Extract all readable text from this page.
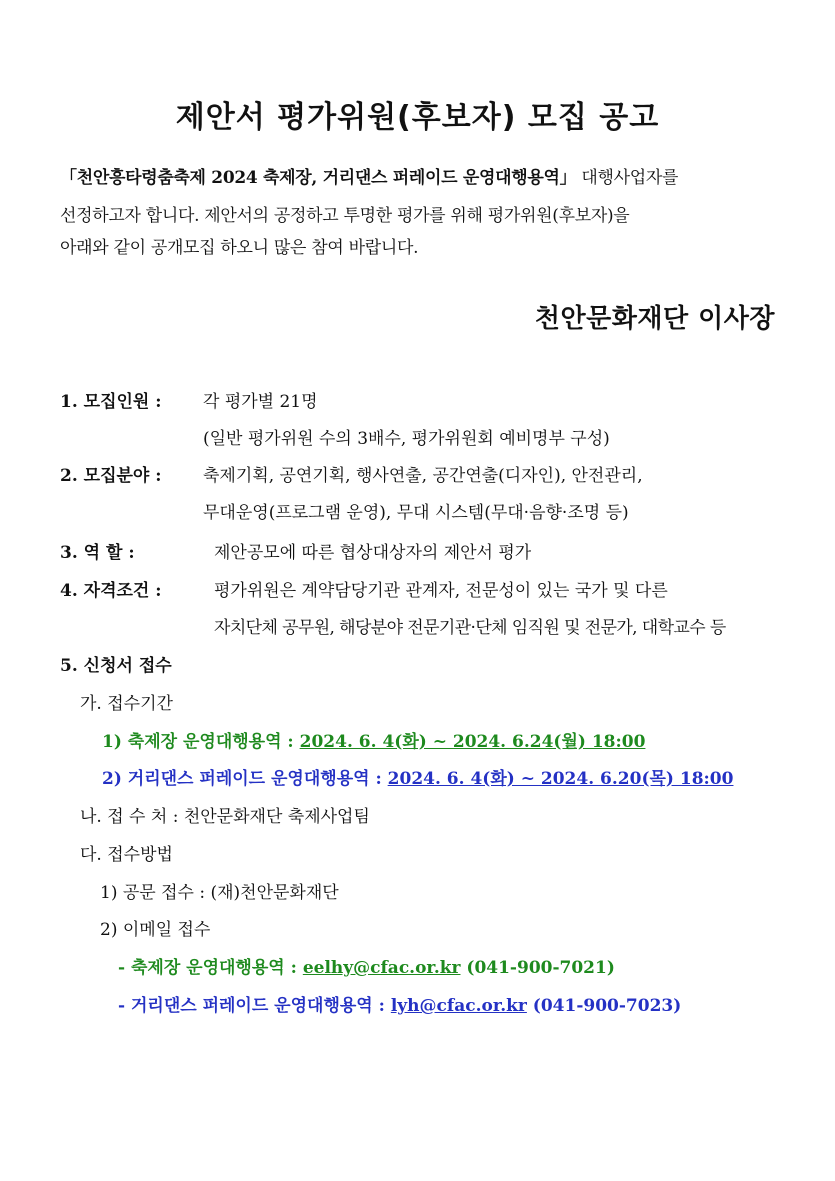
제안서 평가위원(후보자) 모집 공고
「천안흥타령춤축제 2024 축제장, 거리댄스 퍼레이드 운영대행용역」 대행사업자를
선정하고자 합니다. 제안서의 공정하고 투명한 평가를 위해 평가위원(후보자)을
아래와 같이 공개모집 하오니 많은 참여 바랍니다.
천안문화재단 이사장
1. 모집인원 : 각 평가별 21명
(일반 평가위원 수의 3배수, 평가위원회 예비명부 구성)
2. 모집분야 : 축제기획, 공연기획, 행사연출, 공간연출(디자인), 안전관리,
무대운영(프로그램 운영), 무대 시스템(무대·음향·조명 등)
3. 역 할 :	제안공모에 따른 협상대상자의 제안서 평가
4. 자격조건 :	평가위원은 계약담당기관 관계자, 전문성이 있는 국가 및 다른
자치단체 공무원, 해당분야 전문기관·단체 임직원 및 전문가, 대학교수 등
5. 신청서 접수
가. 접수기간
1) 축제장 운영대행용역 : 2024. 6. 4(화) ~ 2024. 6.24(월) 18:00
2) 거리댄스 퍼레이드 운영대행용역 : 2024. 6. 4(화) ~ 2024. 6.20(목) 18:00
나. 접 수 처 : 천안문화재단 축제사업팀
다. 접수방법
1) 공문 접수 : (재)천안문화재단
2) 이메일 접수
- 축제장 운영대행용역 : eelhy@cfac.or.kr (041-900-7021)
- 거리댄스 퍼레이드 운영대행용역 : lyh@cfac.or.kr (041-900-7023)
